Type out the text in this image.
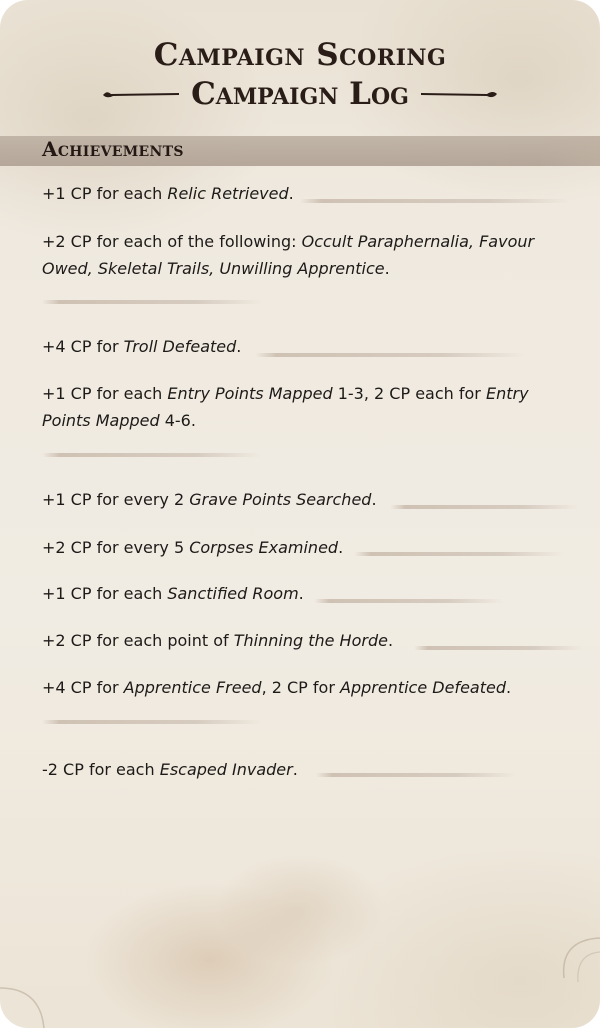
Campaign Scoring
Campaign Log
Achievements

+1 CP for each Relic Retrieved.

+2 CP for each of the following: Occult Paraphernalia, Favour Owed, Skeletal Trails, Unwilling Apprentice.

+4 CP for Troll Defeated.

+1 CP for each Entry Points Mapped 1-3, 2 CP each for Entry Points Mapped 4-6.

+1 CP for every 2 Grave Points Searched.

+2 CP for every 5 Corpses Examined.

+1 CP for each Sanctified Room.

+2 CP for each point of Thinning the Horde.

+4 CP for Apprentice Freed, 2 CP for Apprentice Defeated.

-2 CP for each Escaped Invader.
